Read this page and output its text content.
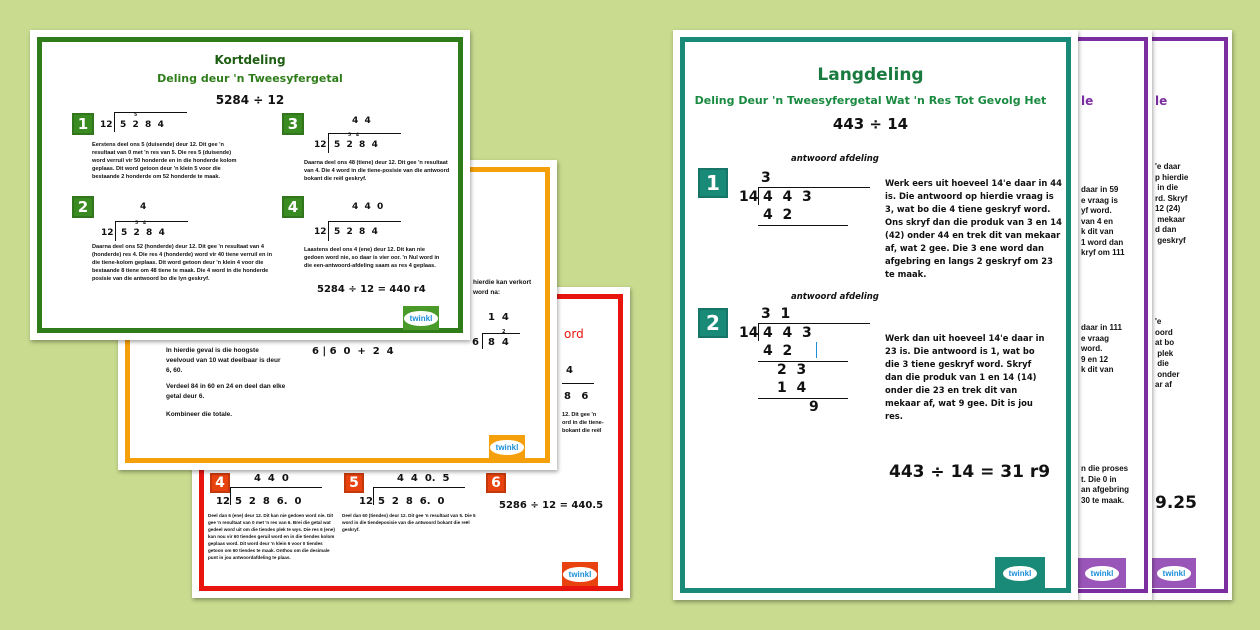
le
'e daar
p hierdie
in die
rd. Skryf
12 (24)
mekaar
d dan
geskryf
'e
oord
at bo
plek
die
onder
ar af
9.25
twinkl
le
daar in 59
e vraag is
yf word.
van 4 en
k dit van
1 word dan
kryf om 111
daar in 111
e vraag
word.
9 en 12
k dit van
n die proses
t. Die 0 in
an afgebring
30 te maak.
twinkl
Langdeling
Deling Deur 'n Tweesyfergetal Wat 'n Res Tot Gevolg Het
443 ÷ 14
1
antwoord afdeling
3
14 4  4  3
4  2
Werk eers uit hoeveel 14'e daar in 44 is. Die antwoord op hierdie vraag is 3, wat bo die 4 tiene geskryf word. Ons skryf dan die produk van 3 en 14 (42) onder 44 en trek dit van mekaar af, wat 2 gee. Die 3 ene word dan afgebring en langs 2 geskryf om 23 te maak.
2
antwoord afdeling
3  1
14 4  4  3
4  2
2  3
1  4
9
Werk dan uit hoeveel 14'e daar in 23 is. Die antwoord is 1, wat bo die 3 tiene geskryf word. Skryf dan die produk van 1 en 14 (14) onder die 23 en trek dit van mekaar af, wat 9 gee. Dit is jou res.
443 ÷ 14 = 31 r9
twinkl
ord
4
8   6
12. Dit gee 'n
ord in die tiene-
bokant die reël
4	4  4  0
12 5  2  8  6.  0
Deel dan 6 (ene) deur 12. Dit kan nie gedoen word nie. Dit gee 'n resultaat van 0 met 'n res van 6. Brei die getal wat gedeel word uit om die tiendes plek te wys. Die res 6 (ene) kan nou vir 60 tiendes geruil word en in die tiendes kolom geplaas word. Dit word deur 'n klein 6 voor 0 tiendes getoon om 60 tiendes te maak. Onthou om die desimale punt in jou antwoordafdeling te plaas.
5	4  4  0.  5
12 5  2  8  6.  0
Deel dan 60 (tiendes) deur 12. Dit gee 'n resultaat van 5. Die 5 word in die tiendeposisie van die antwoord bokant die reël geskryf.
6
5286 ÷ 12 = 440.5
twinkl
hierdie kan verkort
word na:
In hierdie geval is die hoogste veelvoud van 10 wat deelbaar is deur 6, 60.
Verdeel 84 in 60 en 24 en deel dan elke getal deur 6.
Kombineer die totale.
6 | 6  0  +  2  4
1  4
6 8  4
2
twinkl
Kortdeling
Deling deur 'n Tweesyfergetal
5284 ÷ 12
1	12 5  2  8  4
5
Eerstens deel ons 5 (duisende) deur 12. Dit gee 'n resultaat van 0 met 'n res van 5. Die res 5 (duisende) word verruil vir 50 honderde en in die honderde kolom geplaas. Dit word getoon deur 'n klein 5 voor die bestaande 2 honderde om 52 honderde te maak.
2	4
12 5  2  8  4
5   4
Daarna deel ons 52 (honderde) deur 12. Dit gee 'n resultaat van 4 (honderde) res 4. Die res 4 (honderde) word vir 40 tiene verruil en in die tiene-kolom geplaas. Dit word getoon deur 'n klein 4 voor die bestaande 8 tiene om 48 tiene te maak. Die 4 word in die honderde posisie van die antwoord bo die lyn geskryf.
3	4  4
12 5  2  8  4
5   4
Daarna deel ons 48 (tiene) deur 12. Dit gee 'n resultaat van 4. Die 4 word in die tiene-posisie van die antwoord bokant die reël geskryf.
4	4  4  0
12 5  2  8  4
Laastens deel ons 4 (ene) deur 12. Dit kan nie gedoen word nie, so daar is vier oor. 'n Nul word in die een-antwoord-afdeling saam as res 4 geplaas.
5284 ÷ 12 = 440 r4
twinkl
